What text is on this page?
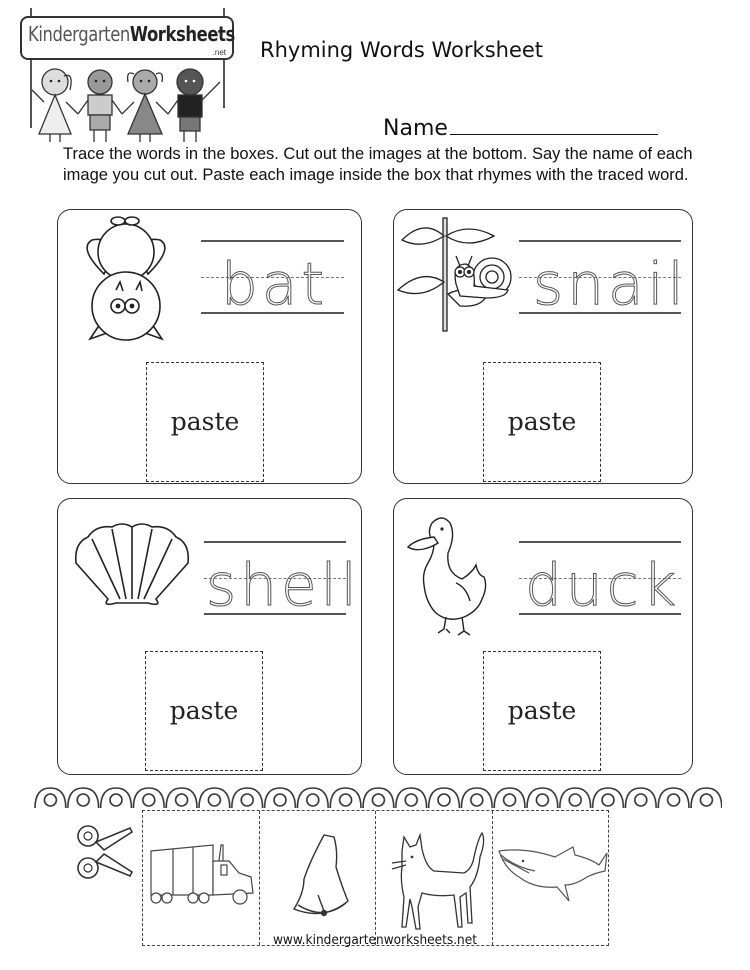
KindergartenWorksheets
.net Rhyming Words Worksheet
Name
Trace the words in the boxes. Cut out the images at the bottom. Say the name of each image you cut out. Paste each image inside the box that rhymes with the traced word.
bat
paste
snail
paste
shell
paste
duck
paste
www.kindergartenworksheets.net
